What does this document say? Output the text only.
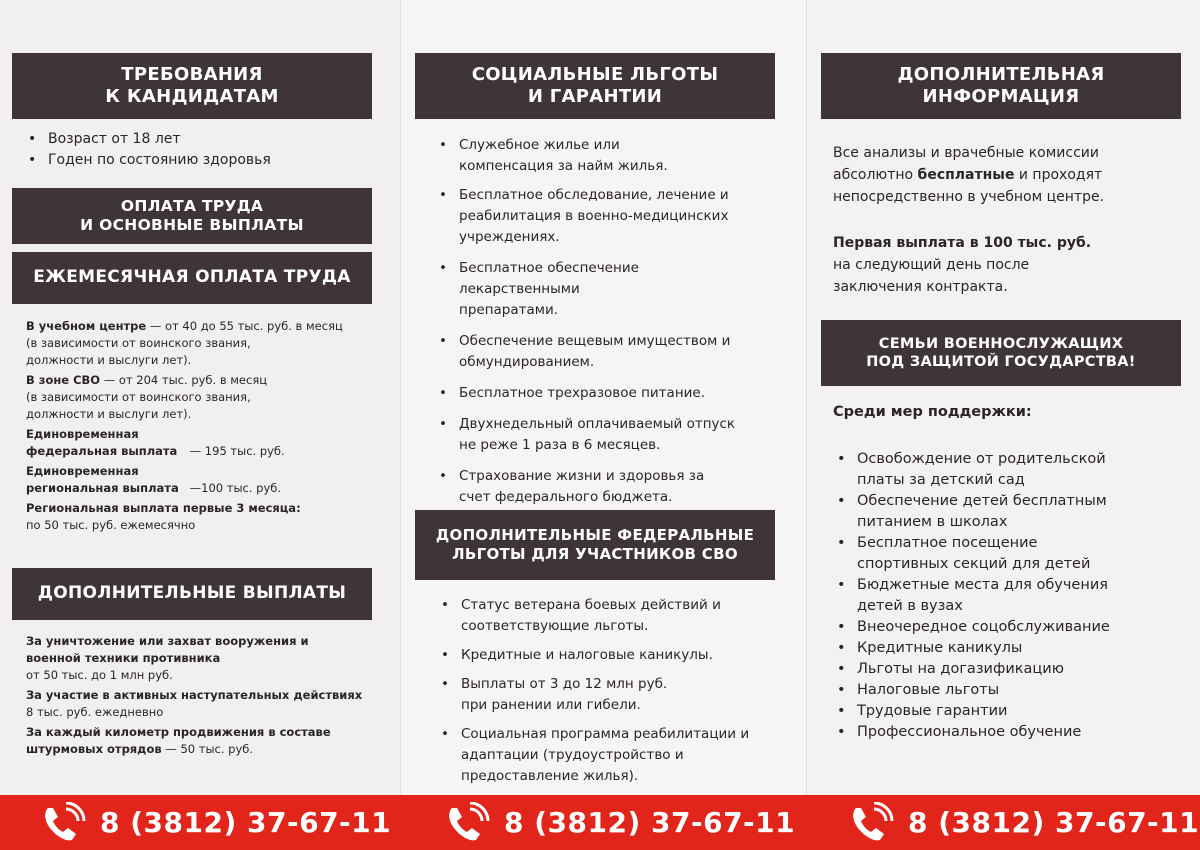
ТРЕБОВАНИЯ
К КАНДИДАТАМ
• Возраст от 18 лет
• Годен по состоянию здоровья
ОПЛАТА ТРУДА
И ОСНОВНЫЕ ВЫПЛАТЫ
ЕЖЕМЕСЯЧНАЯ ОПЛАТА ТРУДА
В учебном центре — от 40 до 55 тыс. руб. в месяц
(в зависимости от воинского звания, должности и выслуги лет).
В зоне СВО — от 204 тыс. руб. в месяц
(в зависимости от воинского звания, должности и выслуги лет).
Единовременная федеральная выплата — 195 тыс. руб.
Единовременная региональная выплата —100 тыс. руб.
Региональная выплата первые 3 месяца:
по 50 тыс. руб. ежемесячно
ДОПОЛНИТЕЛЬНЫЕ ВЫПЛАТЫ
За уничтожение или захват вооружения и военной техники противника
от 50 тыс. до 1 млн руб.
За участие в активных наступательных действиях
8 тыс. руб. ежедневно
За каждый километр продвижения в составе штурмовых отрядов — 50 тыс. руб.
СОЦИАЛЬНЫЕ ЛЬГОТЫ
И ГАРАНТИИ
• Служебное жилье или компенсация за найм жилья.
• Бесплатное обследование, лечение и реабилитация в военно-медицинских учреждениях.
• Бесплатное обеспечение лекарственными препаратами.
• Обеспечение вещевым имуществом и обмундированием.
• Бесплатное трехразовое питание.
• Двухнедельный оплачиваемый отпуск не реже 1 раза в 6 месяцев.
• Страхование жизни и здоровья за счет федерального бюджета.
ДОПОЛНИТЕЛЬНЫЕ ФЕДЕРАЛЬНЫЕ
ЛЬГОТЫ ДЛЯ УЧАСТНИКОВ СВО
• Статус ветерана боевых действий и соответствующие льготы.
• Кредитные и налоговые каникулы.
• Выплаты от 3 до 12 млн руб. при ранении или гибели.
• Социальная программа реабилитации и адаптации (трудоустройство и предоставление жилья).
ДОПОЛНИТЕЛЬНАЯ
ИНФОРМАЦИЯ

Все анализы и врачебные комиссии абсолютно бесплатные и проходят непосредственно в учебном центре.

Первая выплата в 100 тыс. руб.
на следующий день после заключения контракта.

СЕМЬИ ВОЕННОСЛУЖАЩИХ
ПОД ЗАЩИТОЙ ГОСУДАРСТВА!
Среди мер поддержки:
• Освобождение от родительской платы за детский сад
• Обеспечение детей бесплатным питанием в школах
• Бесплатное посещение спортивных секций для детей
• Бюджетные места для обучения детей в вузах
• Внеочередное соцобслуживание
• Кредитные каникулы
• Льготы на догазификацию
• Налоговые льготы
• Трудовые гарантии
• Профессиональное обучение
8 (3812) 37-67-11	8 (3812) 37-67-11	8 (3812) 37-67-11
